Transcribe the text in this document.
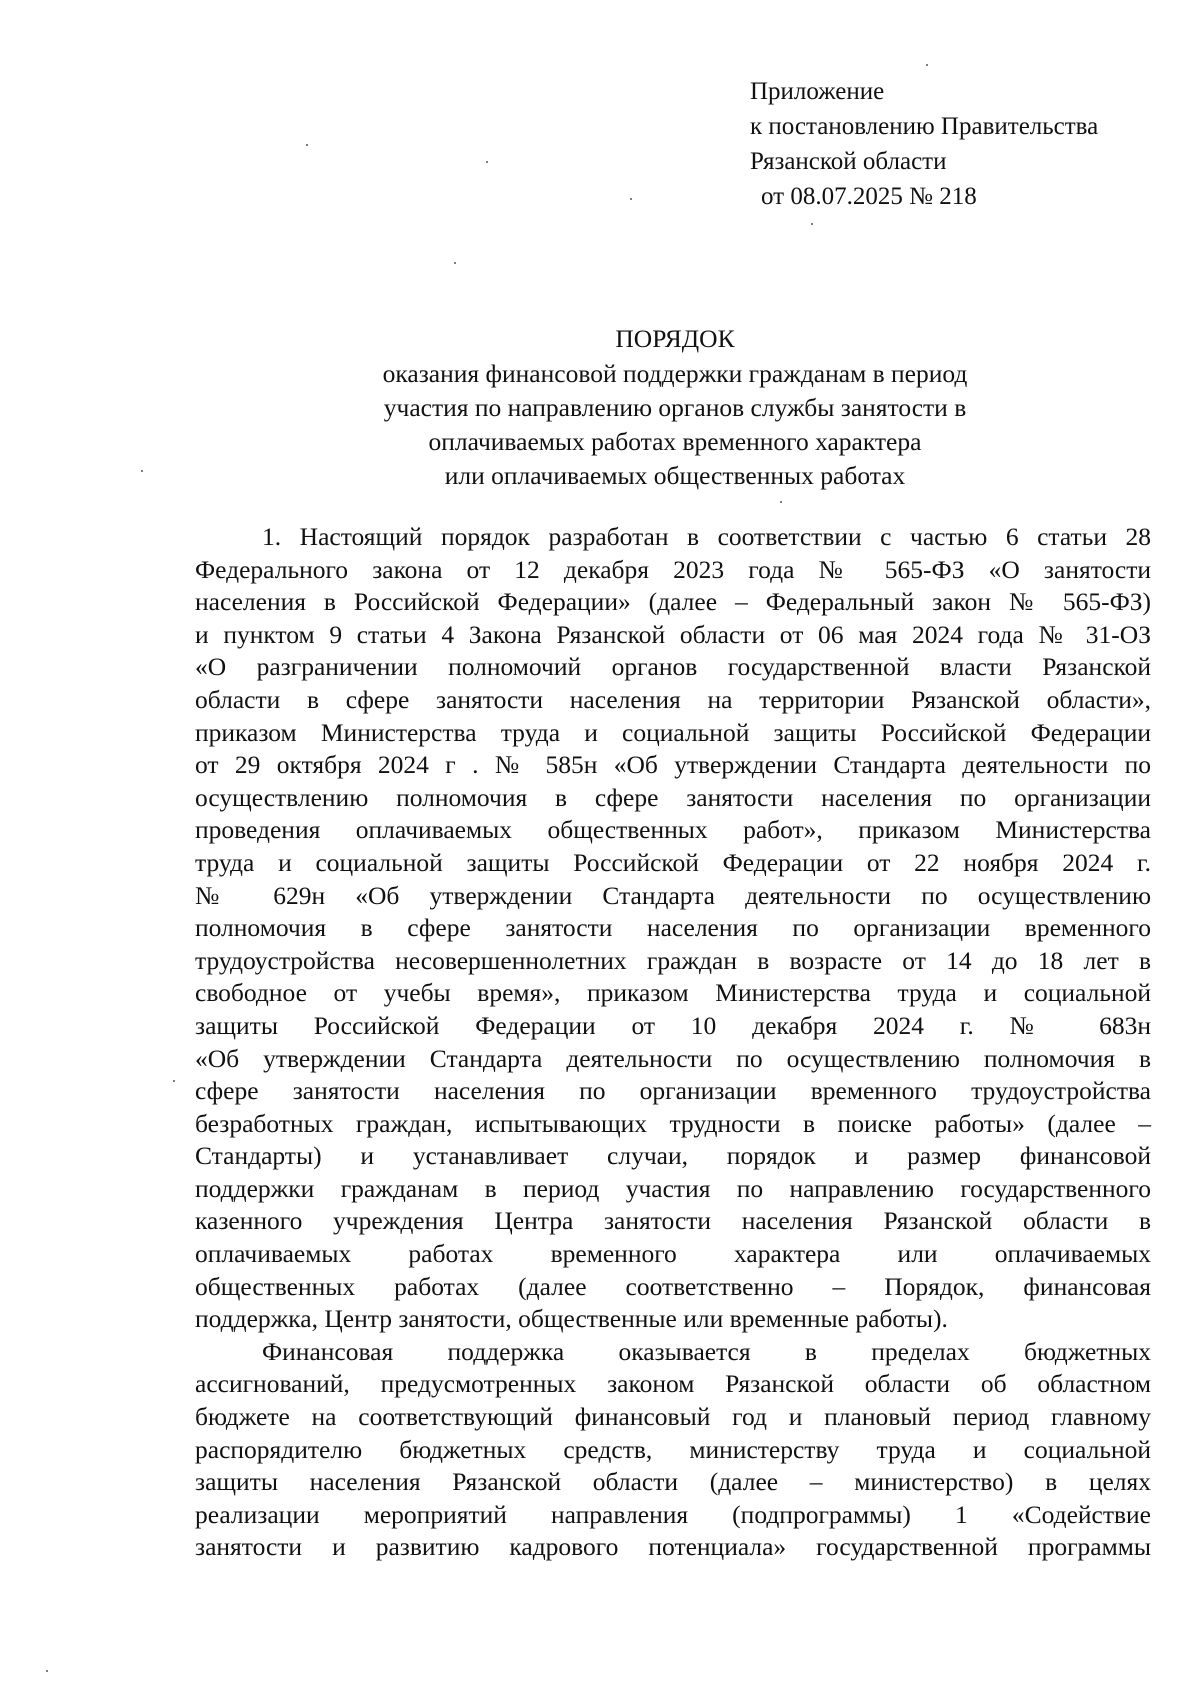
Приложение
к постановлению Правительства
Рязанской области
от 08.07.2025 № 218
ПОРЯДОК
оказания финансовой поддержки гражданам в период
участия по направлению органов службы занятости в
оплачиваемых работах временного характера
или оплачиваемых общественных работах
1. Настоящий порядок разработан в соответствии с частью 6 статьи 28
Федерального закона от 12 декабря 2023 года № 565-ФЗ «О занятости
населения в Российской Федерации» (далее – Федеральный закон № 565-ФЗ)
и пунктом 9 статьи 4 Закона Рязанской области от 06 мая 2024 года № 31-ОЗ
«О разграничении полномочий органов государственной власти Рязанской
области в сфере занятости населения на территории Рязанской области»,
приказом Министерства труда и социальной защиты Российской Федерации
от 29 октября 2024 г . № 585н «Об утверждении Стандарта деятельности по
осуществлению полномочия в сфере занятости населения по организации
проведения оплачиваемых общественных работ», приказом Министерства
труда и социальной защиты Российской Федерации от 22 ноября 2024 г.
№ 629н «Об утверждении Стандарта деятельности по осуществлению
полномочия в сфере занятости населения по организации временного
трудоустройства несовершеннолетних граждан в возрасте от 14 до 18 лет в
свободное от учебы время», приказом Министерства труда и социальной
защиты Российской Федерации от 10 декабря 2024 г. № 683н
«Об утверждении Стандарта деятельности по осуществлению полномочия в
сфере занятости населения по организации временного трудоустройства
безработных граждан, испытывающих трудности в поиске работы» (далее –
Стандарты) и устанавливает случаи, порядок и размер финансовой
поддержки гражданам в период участия по направлению государственного
казенного учреждения Центра занятости населения Рязанской области в
оплачиваемых работах временного характера или оплачиваемых
общественных работах (далее соответственно – Порядок, финансовая
поддержка, Центр занятости, общественные или временные работы).
Финансовая поддержка оказывается в пределах бюджетных
ассигнований, предусмотренных законом Рязанской области об областном
бюджете на соответствующий финансовый год и плановый период главному
распорядителю бюджетных средств, министерству труда и социальной
защиты населения Рязанской области (далее – министерство) в целях
реализации мероприятий направления (подпрограммы) 1 «Содействие
занятости и развитию кадрового потенциала» государственной программы
